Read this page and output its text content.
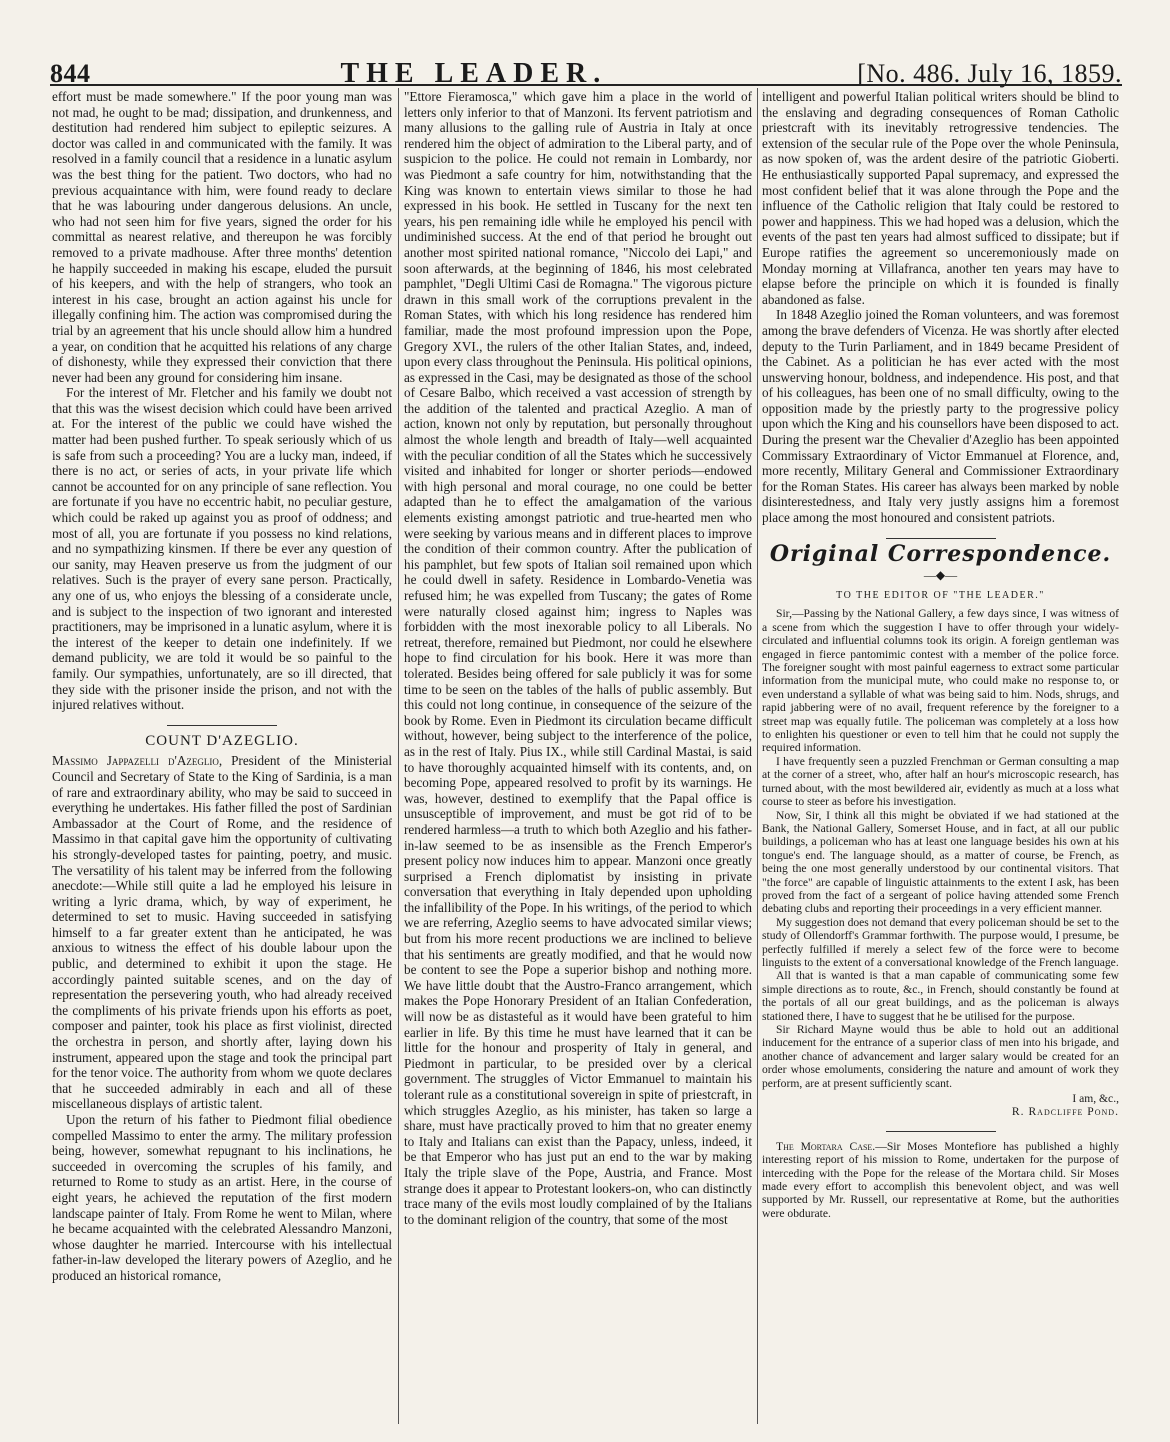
844	THE LEADER.	[No. 486. July 16, 1859.

effort must be made somewhere." If the poor young man was not mad, he ought to be mad; dissipation, and drunkenness, and destitution had rendered him subject to epileptic seizures. A doctor was called in and communicated with the family. It was resolved in a family council that a residence in a lunatic asylum was the best thing for the patient. Two doctors, who had no previous acquaintance with him, were found ready to declare that he was labouring under dangerous delusions. An uncle, who had not seen him for five years, signed the order for his committal as nearest relative, and thereupon he was forcibly removed to a private madhouse. After three months' detention he happily succeeded in making his escape, eluded the pursuit of his keepers, and with the help of strangers, who took an interest in his case, brought an action against his uncle for illegally confining him. The action was compromised during the trial by an agreement that his uncle should allow him a hundred a year, on condition that he acquitted his relations of any charge of dishonesty, while they expressed their conviction that there never had been any ground for considering him insane.

For the interest of Mr. Fletcher and his family we doubt not that this was the wisest decision which could have been arrived at. For the interest of the public we could have wished the matter had been pushed further. To speak seriously which of us is safe from such a proceeding? You are a lucky man, indeed, if there is no act, or series of acts, in your private life which cannot be accounted for on any principle of sane reflection. You are fortunate if you have no eccentric habit, no peculiar gesture, which could be raked up against you as proof of oddness; and most of all, you are fortunate if you possess no kind relations, and no sympathizing kinsmen. If there be ever any question of our sanity, may Heaven preserve us from the judgment of our relatives. Such is the prayer of every sane person. Practically, any one of us, who enjoys the blessing of a considerate uncle, and is subject to the inspection of two ignorant and interested practitioners, may be imprisoned in a lunatic asylum, where it is the interest of the keeper to detain one indefinitely. If we demand publicity, we are told it would be so painful to the family. Our sympathies, unfortunately, are so ill directed, that they side with the prisoner inside the prison, and not with the injured relatives without.

COUNT D'AZEGLIO.

Massimo Jappazelli d'Azeglio, President of the Ministerial Council and Secretary of State to the King of Sardinia, is a man of rare and extraordinary ability, who may be said to succeed in everything he undertakes. His father filled the post of Sardinian Ambassador at the Court of Rome, and the residence of Massimo in that capital gave him the opportunity of cultivating his strongly-developed tastes for painting, poetry, and music. The versatility of his talent may be inferred from the following anecdote:—While still quite a lad he employed his leisure in writing a lyric drama, which, by way of experiment, he determined to set to music. Having succeeded in satisfying himself to a far greater extent than he anticipated, he was anxious to witness the effect of his double labour upon the public, and determined to exhibit it upon the stage. He accordingly painted suitable scenes, and on the day of representation the persevering youth, who had already received the compliments of his private friends upon his efforts as poet, composer and painter, took his place as first violinist, directed the orchestra in person, and shortly after, laying down his instrument, appeared upon the stage and took the principal part for the tenor voice. The authority from whom we quote declares that he succeeded admirably in each and all of these miscellaneous displays of artistic talent.

Upon the return of his father to Piedmont filial obedience compelled Massimo to enter the army. The military profession being, however, somewhat repugnant to his inclinations, he succeeded in overcoming the scruples of his family, and returned to Rome to study as an artist. Here, in the course of eight years, he achieved the reputation of the first modern landscape painter of Italy. From Rome he went to Milan, where he became acquainted with the celebrated Alessandro Manzoni, whose daughter he married. Intercourse with his intellectual father-in-law developed the literary powers of Azeglio, and he produced an historical romance,

"Ettore Fieramosca," which gave him a place in the world of letters only inferior to that of Manzoni. Its fervent patriotism and many allusions to the galling rule of Austria in Italy at once rendered him the object of admiration to the Liberal party, and of suspicion to the police. He could not remain in Lombardy, nor was Piedmont a safe country for him, notwithstanding that the King was known to entertain views similar to those he had expressed in his book. He settled in Tuscany for the next ten years, his pen remaining idle while he employed his pencil with undiminished success. At the end of that period he brought out another most spirited national romance, "Niccolo dei Lapi," and soon afterwards, at the beginning of 1846, his most celebrated pamphlet, "Degli Ultimi Casi de Romagna." The vigorous picture drawn in this small work of the corruptions prevalent in the Roman States, with which his long residence has rendered him familiar, made the most profound impression upon the Pope, Gregory XVI., the rulers of the other Italian States, and, indeed, upon every class throughout the Peninsula. His political opinions, as expressed in the Casi, may be designated as those of the school of Cesare Balbo, which received a vast accession of strength by the addition of the talented and practical Azeglio. A man of action, known not only by reputation, but personally throughout almost the whole length and breadth of Italy—well acquainted with the peculiar condition of all the States which he successively visited and inhabited for longer or shorter periods—endowed with high personal and moral courage, no one could be better adapted than he to effect the amalgamation of the various elements existing amongst patriotic and true-hearted men who were seeking by various means and in different places to improve the condition of their common country. After the publication of his pamphlet, but few spots of Italian soil remained upon which he could dwell in safety. Residence in Lombardo-Venetia was refused him; he was expelled from Tuscany; the gates of Rome were naturally closed against him; ingress to Naples was forbidden with the most inexorable policy to all Liberals. No retreat, therefore, remained but Piedmont, nor could he elsewhere hope to find circulation for his book. Here it was more than tolerated. Besides being offered for sale publicly it was for some time to be seen on the tables of the halls of public assembly. But this could not long continue, in consequence of the seizure of the book by Rome. Even in Piedmont its circulation became difficult without, however, being subject to the interference of the police, as in the rest of Italy. Pius IX., while still Cardinal Mastai, is said to have thoroughly acquainted himself with its contents, and, on becoming Pope, appeared resolved to profit by its warnings. He was, however, destined to exemplify that the Papal office is unsusceptible of improvement, and must be got rid of to be rendered harmless—a truth to which both Azeglio and his father-in-law seemed to be as insensible as the French Emperor's present policy now induces him to appear. Manzoni once greatly surprised a French diplomatist by insisting in private conversation that everything in Italy depended upon upholding the infallibility of the Pope. In his writings, of the period to which we are referring, Azeglio seems to have advocated similar views; but from his more recent productions we are inclined to believe that his sentiments are greatly modified, and that he would now be content to see the Pope a superior bishop and nothing more. We have little doubt that the Austro-Franco arrangement, which makes the Pope Honorary President of an Italian Confederation, will now be as distasteful as it would have been grateful to him earlier in life. By this time he must have learned that it can be little for the honour and prosperity of Italy in general, and Piedmont in particular, to be presided over by a clerical government. The struggles of Victor Emmanuel to maintain his tolerant rule as a constitutional sovereign in spite of priestcraft, in which struggles Azeglio, as his minister, has taken so large a share, must have practically proved to him that no greater enemy to Italy and Italians can exist than the Papacy, unless, indeed, it be that Emperor who has just put an end to the war by making Italy the triple slave of the Pope, Austria, and France. Most strange does it appear to Protestant lookers-on, who can distinctly trace many of the evils most loudly complained of by the Italians to the dominant religion of the country, that some of the most

intelligent and powerful Italian political writers should be blind to the enslaving and degrading consequences of Roman Catholic priestcraft with its inevitably retrogressive tendencies. The extension of the secular rule of the Pope over the whole Peninsula, as now spoken of, was the ardent desire of the patriotic Gioberti. He enthusiastically supported Papal supremacy, and expressed the most confident belief that it was alone through the Pope and the influence of the Catholic religion that Italy could be restored to power and happiness. This we had hoped was a delusion, which the events of the past ten years had almost sufficed to dissipate; but if Europe ratifies the agreement so unceremoniously made on Monday morning at Villafranca, another ten years may have to elapse before the principle on which it is founded is finally abandoned as false.

In 1848 Azeglio joined the Roman volunteers, and was foremost among the brave defenders of Vicenza. He was shortly after elected deputy to the Turin Parliament, and in 1849 became President of the Cabinet. As a politician he has ever acted with the most unswerving honour, boldness, and independence. His post, and that of his colleagues, has been one of no small difficulty, owing to the opposition made by the priestly party to the progressive policy upon which the King and his counsellors have been disposed to act. During the present war the Chevalier d'Azeglio has been appointed Commissary Extraordinary of Victor Emmanuel at Florence, and, more recently, Military General and Commissioner Extraordinary for the Roman States. His career has always been marked by noble disinterestedness, and Italy very justly assigns him a foremost place among the most honoured and consistent patriots.

Original Correspondence.
—◆—
TO THE EDITOR OF "THE LEADER."

Sir,—Passing by the National Gallery, a few days since, I was witness of a scene from which the suggestion I have to offer through your widely-circulated and influential columns took its origin. A foreign gentleman was engaged in fierce pantomimic contest with a member of the police force. The foreigner sought with most painful eagerness to extract some particular information from the municipal mute, who could make no response to, or even understand a syllable of what was being said to him. Nods, shrugs, and rapid jabbering were of no avail, frequent reference by the foreigner to a street map was equally futile. The policeman was completely at a loss how to enlighten his questioner or even to tell him that he could not supply the required information.

I have frequently seen a puzzled Frenchman or German consulting a map at the corner of a street, who, after half an hour's microscopic research, has turned about, with the most bewildered air, evidently as much at a loss what course to steer as before his investigation.

Now, Sir, I think all this might be obviated if we had stationed at the Bank, the National Gallery, Somerset House, and in fact, at all our public buildings, a policeman who has at least one language besides his own at his tongue's end. The language should, as a matter of course, be French, as being the one most generally understood by our continental visitors. That "the force" are capable of linguistic attainments to the extent I ask, has been proved from the fact of a sergeant of police having attended some French debating clubs and reporting their proceedings in a very efficient manner.

My suggestion does not demand that every policeman should be set to the study of Ollendorff's Grammar forthwith. The purpose would, I presume, be perfectly fulfilled if merely a select few of the force were to become linguists to the extent of a conversational knowledge of the French language.

All that is wanted is that a man capable of communicating some few simple directions as to route, &c., in French, should constantly be found at the portals of all our great buildings, and as the policeman is always stationed there, I have to suggest that he be utilised for the purpose.

Sir Richard Mayne would thus be able to hold out an additional inducement for the entrance of a superior class of men into his brigade, and another chance of advancement and larger salary would be created for an order whose emoluments, considering the nature and amount of work they perform, are at present sufficiently scant.

I am, &c.,
R. Radcliffe Pond.

The Mortara Case.—Sir Moses Montefiore has published a highly interesting report of his mission to Rome, undertaken for the purpose of interceding with the Pope for the release of the Mortara child. Sir Moses made every effort to accomplish this benevolent object, and was well supported by Mr. Russell, our representative at Rome, but the authorities were obdurate.
